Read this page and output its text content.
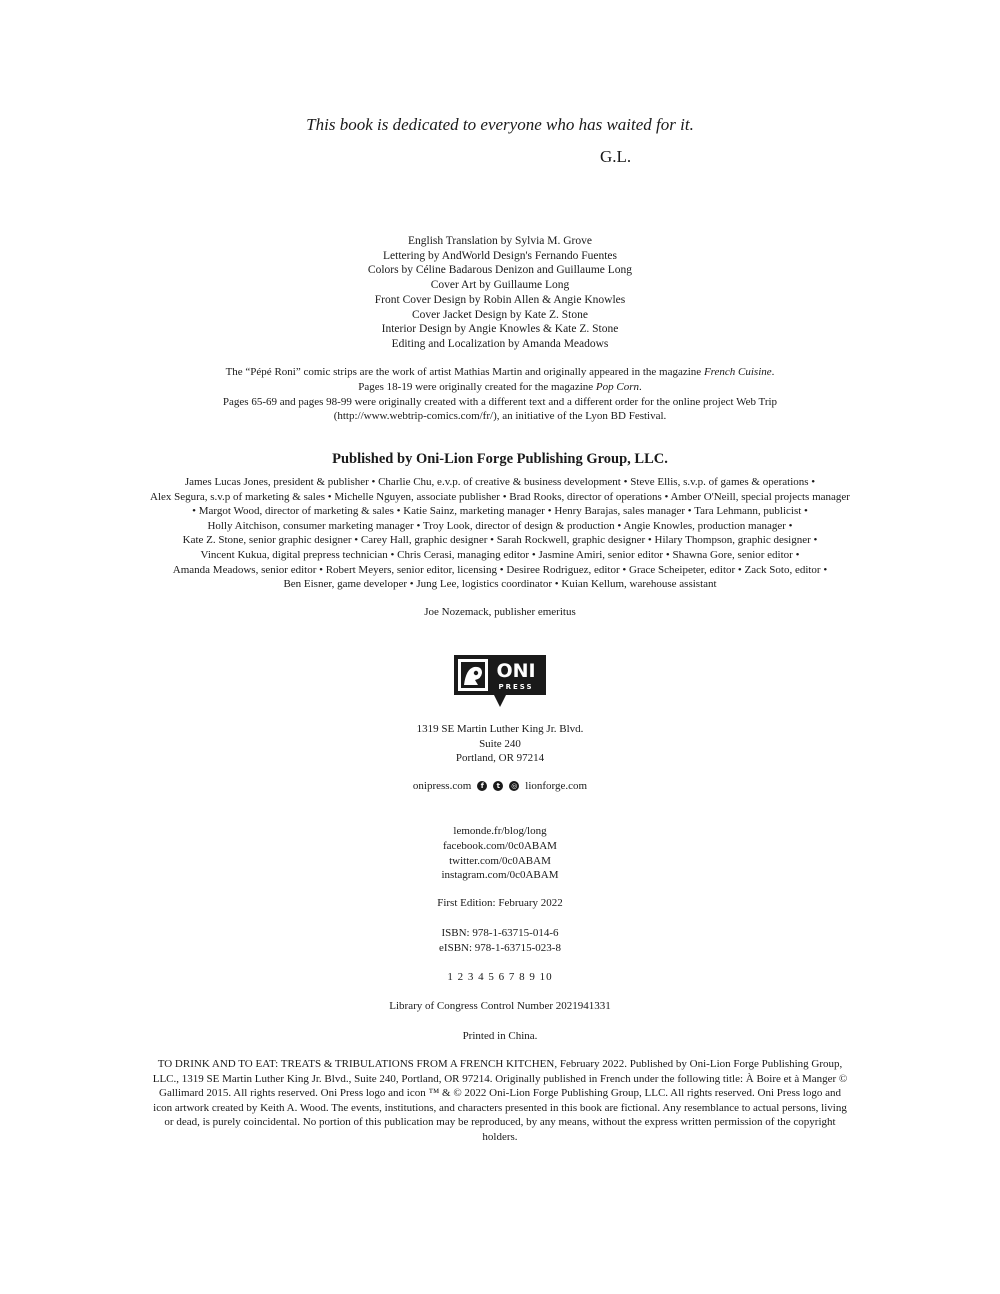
This book is dedicated to everyone who has waited for it.
G.L.
English Translation by Sylvia M. Grove
Lettering by AndWorld Design's Fernando Fuentes
Colors by Céline Badarous Denizon and Guillaume Long
Cover Art by Guillaume Long
Front Cover Design by Robin Allen & Angie Knowles
Cover Jacket Design by Kate Z. Stone
Interior Design by Angie Knowles & Kate Z. Stone
Editing and Localization by Amanda Meadows
The “Pépé Roni” comic strips are the work of artist Mathias Martin and originally appeared in the magazine French Cuisine.
Pages 18-19 were originally created for the magazine Pop Corn.
Pages 65-69 and pages 98-99 were originally created with a different text and a different order for the online project Web Trip
(http://www.webtrip-comics.com/fr/), an initiative of the Lyon BD Festival.
Published by Oni-Lion Forge Publishing Group, LLC.
James Lucas Jones, president & publisher • Charlie Chu, e.v.p. of creative & business development • Steve Ellis, s.v.p. of games & operations • Alex Segura, s.v.p of marketing & sales • Michelle Nguyen, associate publisher • Brad Rooks, director of operations • Amber O'Neill, special projects manager • Margot Wood, director of marketing & sales • Katie Sainz, marketing manager • Henry Barajas, sales manager • Tara Lehmann, publicist • Holly Aitchison, consumer marketing manager • Troy Look, director of design & production • Angie Knowles, production manager • Kate Z. Stone, senior graphic designer • Carey Hall, graphic designer • Sarah Rockwell, graphic designer • Hilary Thompson, graphic designer • Vincent Kukua, digital prepress technician • Chris Cerasi, managing editor • Jasmine Amiri, senior editor • Shawna Gore, senior editor • Amanda Meadows, senior editor • Robert Meyers, senior editor, licensing • Desiree Rodriguez, editor • Grace Scheipeter, editor • Zack Soto, editor • Ben Eisner, game developer • Jung Lee, logistics coordinator • Kuian Kellum, warehouse assistant
Joe Nozemack, publisher emeritus
ONI
PRESS
1319 SE Martin Luther King Jr. Blvd.
Suite 240
Portland, OR 97214
onipress.com	f	t	◎ lionforge.com
lemonde.fr/blog/long
facebook.com/0c0ABAM
twitter.com/0c0ABAM
instagram.com/0c0ABAM
First Edition: February 2022
ISBN: 978-1-63715-014-6
eISBN: 978-1-63715-023-8
1 2 3 4 5 6 7 8 9 10
Library of Congress Control Number 2021941331
Printed in China.
TO DRINK AND TO EAT: TREATS & TRIBULATIONS FROM A FRENCH KITCHEN, February 2022. Published by Oni-Lion Forge Publishing Group, LLC., 1319 SE Martin Luther King Jr. Blvd., Suite 240, Portland, OR 97214. Originally published in French under the following title: À Boire et à Manger © Gallimard 2015. All rights reserved. Oni Press logo and icon ™ & © 2022 Oni-Lion Forge Publishing Group, LLC. All rights reserved. Oni Press logo and icon artwork created by Keith A. Wood. The events, institutions, and characters presented in this book are fictional. Any resemblance to actual persons, living or dead, is purely coincidental. No portion of this publication may be reproduced, by any means, without the express written permission of the copyright holders.
